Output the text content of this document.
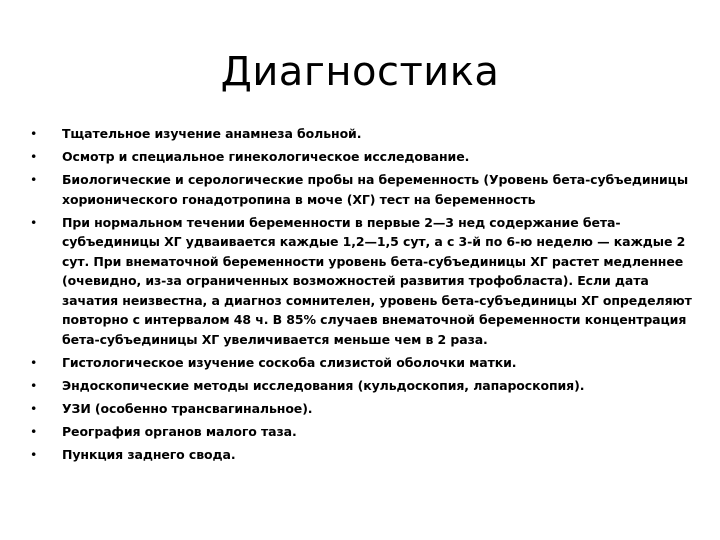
Диагностика
•	Тщательное изучение анамнеза больной.
•	Осмотр и специальное гинекологическое исследование.
•	Биологические и серологические пробы на беременность (Уровень бета-субъединицы хорионического гонадотропина в моче (ХГ) тест на беременность
•	При нормальном течении беременности в первые 2—3 нед содержание бета-субъединицы ХГ удваивается каждые 1,2—1,5 сут, а с 3-й по 6-ю неделю — каждые 2 сут. При внематочной беременности уровень бета-субъединицы ХГ растет медленнее (очевидно, из-за ограниченных возможностей развития трофобласта). Если дата зачатия неизвестна, а диагноз сомнителен, уровень бета-субъединицы ХГ определяют повторно с интервалом 48 ч. В 85% случаев внематочной беременности концентрация бета-субъединицы ХГ увеличивается меньше чем в 2 раза.
•	Гистологическое изучение соскоба слизистой оболочки матки.
•	Эндоскопические методы исследования (кульдоскопия, лапароскопия).
•	УЗИ (особенно трансвагинальное).
•	Реография органов малого таза.
•	Пункция заднего свода.
